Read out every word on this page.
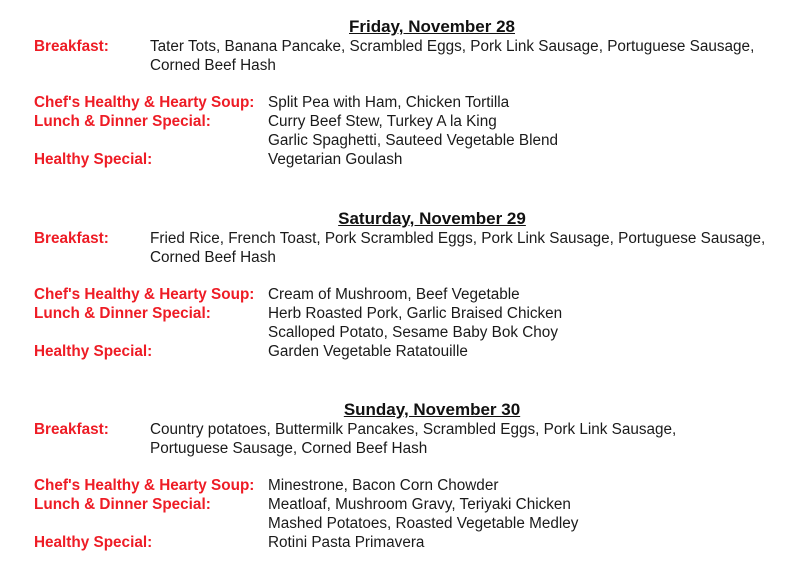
Friday, November 28
Breakfast:	Tater Tots, Banana Pancake, Scrambled Eggs, Pork Link Sausage, Portuguese Sausage,
Corned Beef Hash
Chef's Healthy & Hearty Soup: Split Pea with Ham, Chicken Tortilla
Lunch & Dinner Special:	Curry Beef Stew, Turkey A la King
Garlic Spaghetti, Sauteed Vegetable Blend
Healthy Special:	Vegetarian Goulash
Saturday, November 29
Breakfast:	Fried Rice, French Toast, Pork Scrambled Eggs, Pork Link Sausage, Portuguese Sausage,
Corned Beef Hash
Chef's Healthy & Hearty Soup: Cream of Mushroom, Beef Vegetable
Lunch & Dinner Special:	Herb Roasted Pork, Garlic Braised Chicken
Scalloped Potato, Sesame Baby Bok Choy
Healthy Special:	Garden Vegetable Ratatouille
Sunday, November 30
Breakfast:	Country potatoes, Buttermilk Pancakes, Scrambled Eggs, Pork Link Sausage,
Portuguese Sausage, Corned Beef Hash
Chef's Healthy & Hearty Soup: Minestrone, Bacon Corn Chowder
Lunch & Dinner Special:	Meatloaf, Mushroom Gravy, Teriyaki Chicken
Mashed Potatoes, Roasted Vegetable Medley
Healthy Special:	Rotini Pasta Primavera
